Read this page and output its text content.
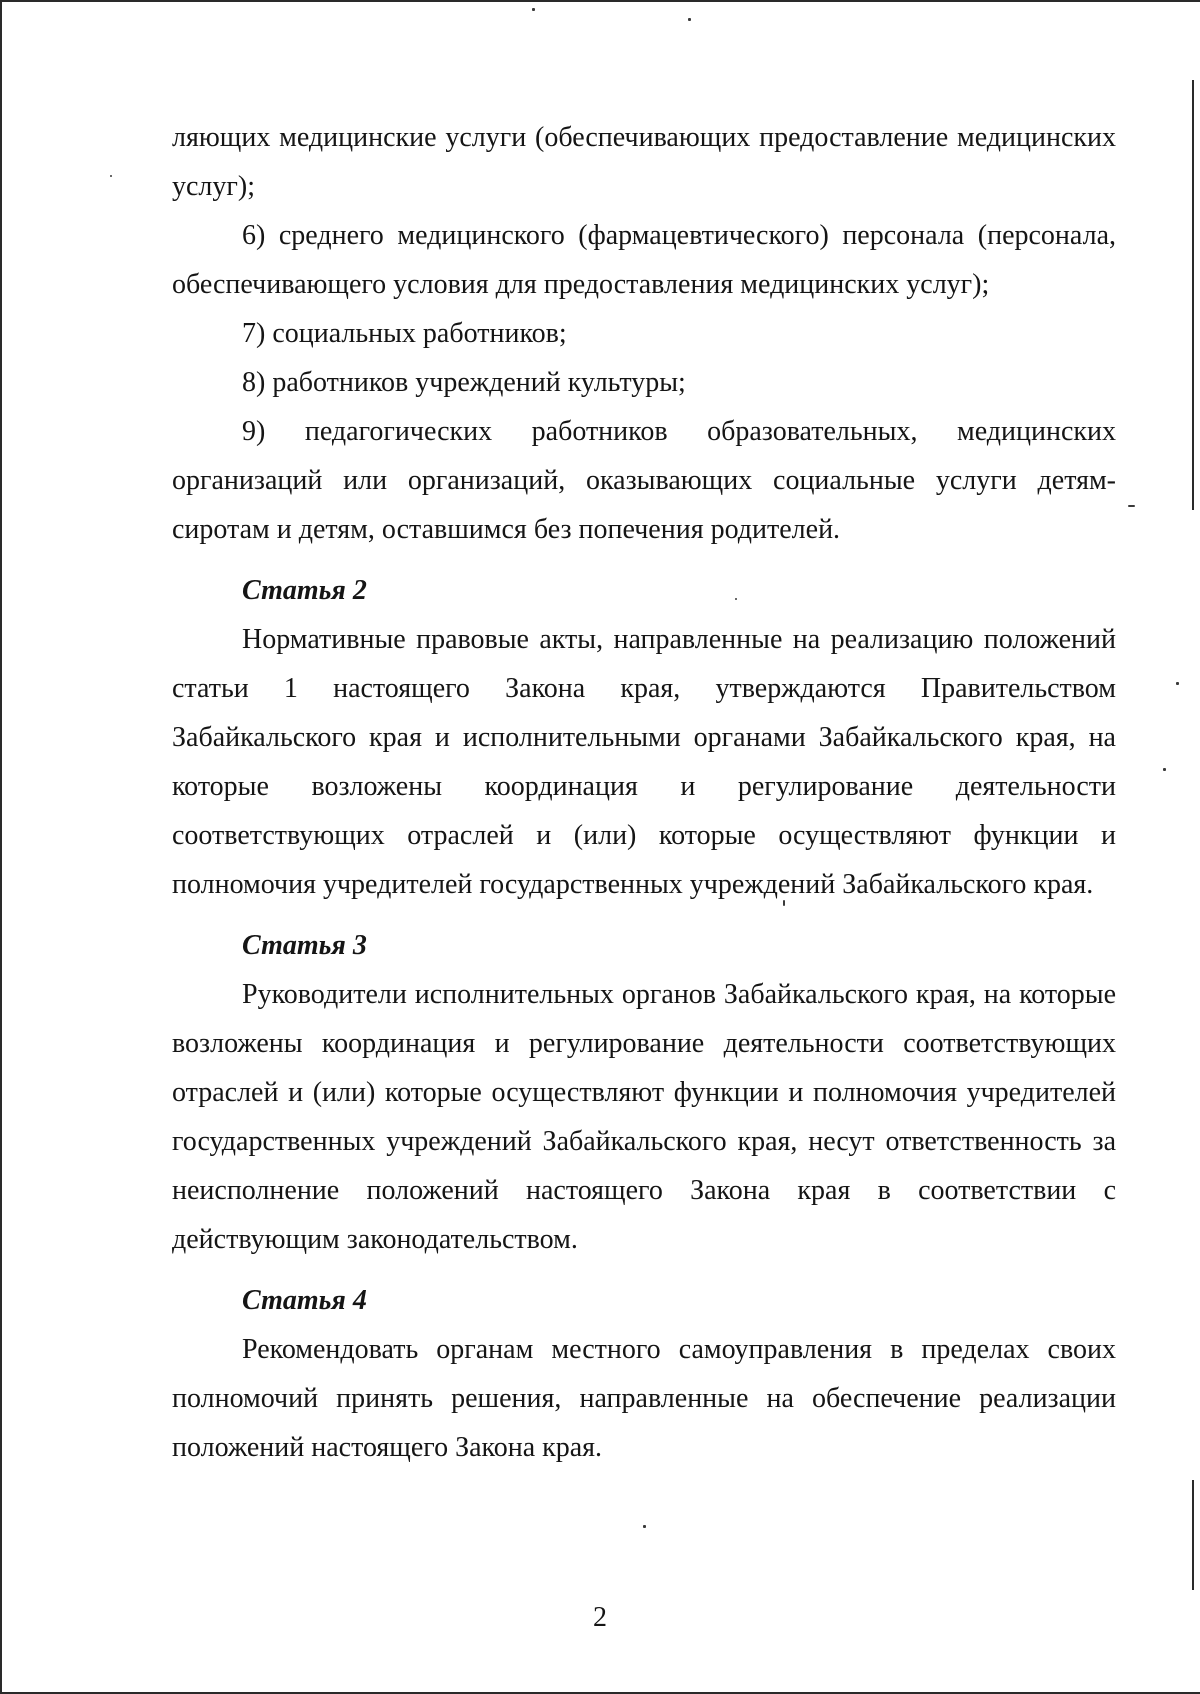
ляющих медицинские услуги (обеспечивающих предоставление медицинских услуг);

6) среднего медицинского (фармацевтического) персонала (персонала, обеспечивающего условия для предоставления медицинских услуг);

7) социальных работников;

8) работников учреждений культуры;

9) педагогических работников образовательных, медицинских организаций или организаций, оказывающих социальные услуги детям-сиротам и детям, оставшимся без попечения родителей.

Статья 2

Нормативные правовые акты, направленные на реализацию положений статьи 1 настоящего Закона края, утверждаются Правительством Забайкальского края и исполнительными органами Забайкальского края, на которые возложены координация и регулирование деятельности соответствующих отраслей и (или) которые осуществляют функции и полномочия учредителей государственных учреждений Забайкальского края.

Статья 3

Руководители исполнительных органов Забайкальского края, на которые возложены координация и регулирование деятельности соответствующих отраслей и (или) которые осуществляют функции и полномочия учредителей государственных учреждений Забайкальского края, несут ответственность за неисполнение положений настоящего Закона края в соответствии с действующим законодательством.

Статья 4

Рекомендовать органам местного самоуправления в пределах своих полномочий принять решения, направленные на обеспечение реализации положений настоящего Закона края.

2
